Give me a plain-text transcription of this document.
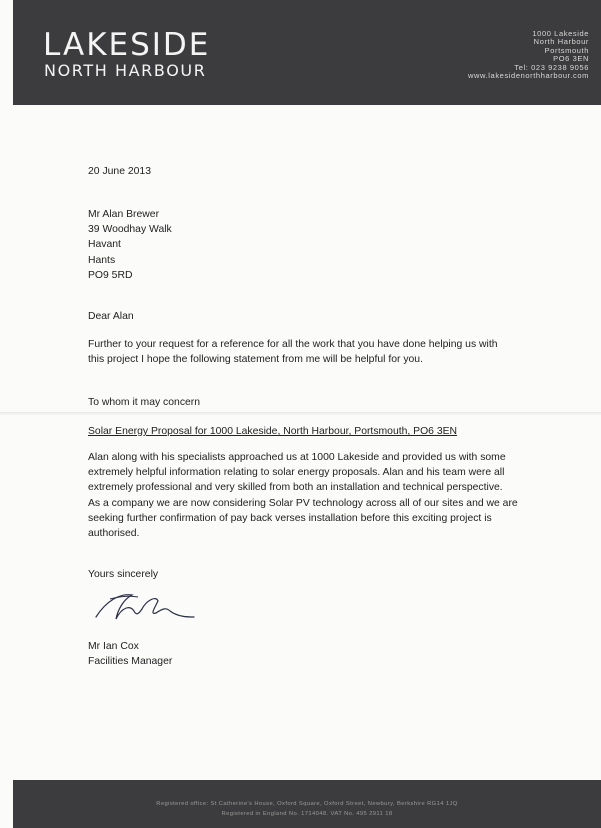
LAKESIDE
NORTH HARBOUR
1000 Lakeside
North Harbour
Portsmouth
PO6 3EN
Tel: 023 9238 9056
www.lakesidenorthharbour.com
20 June 2013
Mr Alan Brewer
39 Woodhay Walk
Havant
Hants
PO9 5RD
Dear Alan
Further to your request for a reference for all the work that you have done helping us with
this project I hope the following statement from me will be helpful for you.
To whom it may concern
Solar Energy Proposal for 1000 Lakeside, North Harbour, Portsmouth, PO6 3EN
Alan along with his specialists approached us at 1000 Lakeside and provided us with some
extremely helpful information relating to solar energy proposals. Alan and his team were all
extremely professional and very skilled from both an installation and technical perspective.
As a company we are now considering Solar PV technology across all of our sites and we are
seeking further confirmation of pay back verses installation before this exciting project is
authorised.
Yours sincerely
Mr Ian Cox
Facilities Manager
Registered office: St Catherine's House, Oxford Square, Oxford Street, Newbury, Berkshire RG14 1JQ
Registered in England No. 1714048. VAT No. 495 2911 18
